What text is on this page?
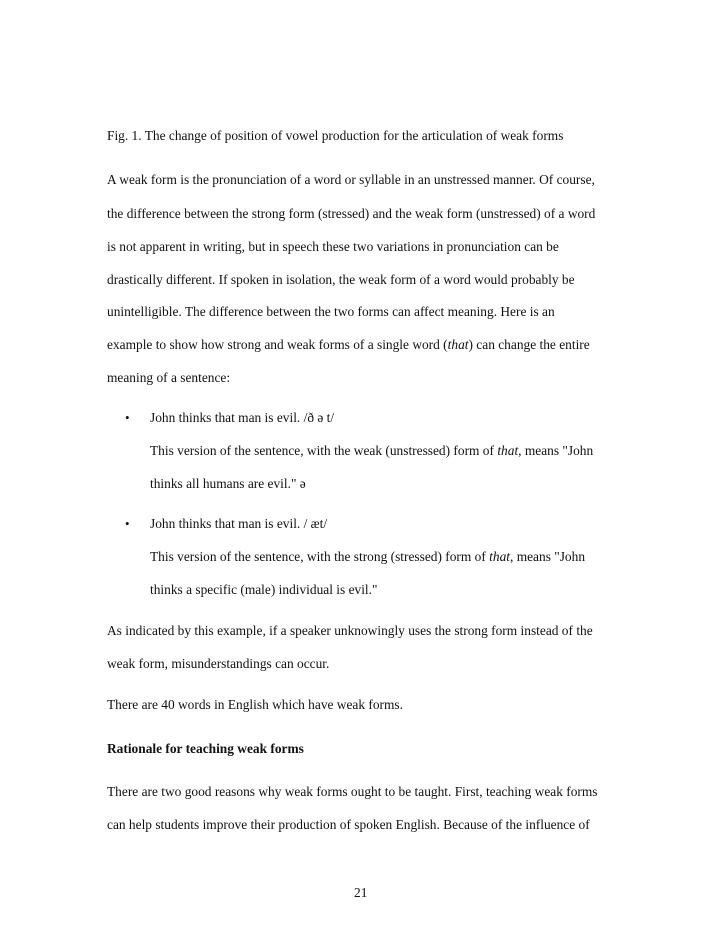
Fig. 1. The change of position of vowel production for the articulation of weak forms
A weak form is the pronunciation of a word or syllable in an unstressed manner. Of course,
the difference between the strong form (stressed) and the weak form (unstressed) of a word
is not apparent in writing, but in speech these two variations in pronunciation can be
drastically different. If spoken in isolation, the weak form of a word would probably be
unintelligible. The difference between the two forms can affect meaning. Here is an
example to show how strong and weak forms of a single word (that) can change the entire
meaning of a sentence:
• John thinks that man is evil. /ð ə t/
This version of the sentence, with the weak (unstressed) form of that, means "John
thinks all humans are evil." ə
• John thinks that man is evil. / æt/
This version of the sentence, with the strong (stressed) form of that, means "John
thinks a specific (male) individual is evil."
As indicated by this example, if a speaker unknowingly uses the strong form instead of the
weak form, misunderstandings can occur.
There are 40 words in English which have weak forms.
Rationale for teaching weak forms
There are two good reasons why weak forms ought to be taught. First, teaching weak forms
can help students improve their production of spoken English. Because of the influence of
21
